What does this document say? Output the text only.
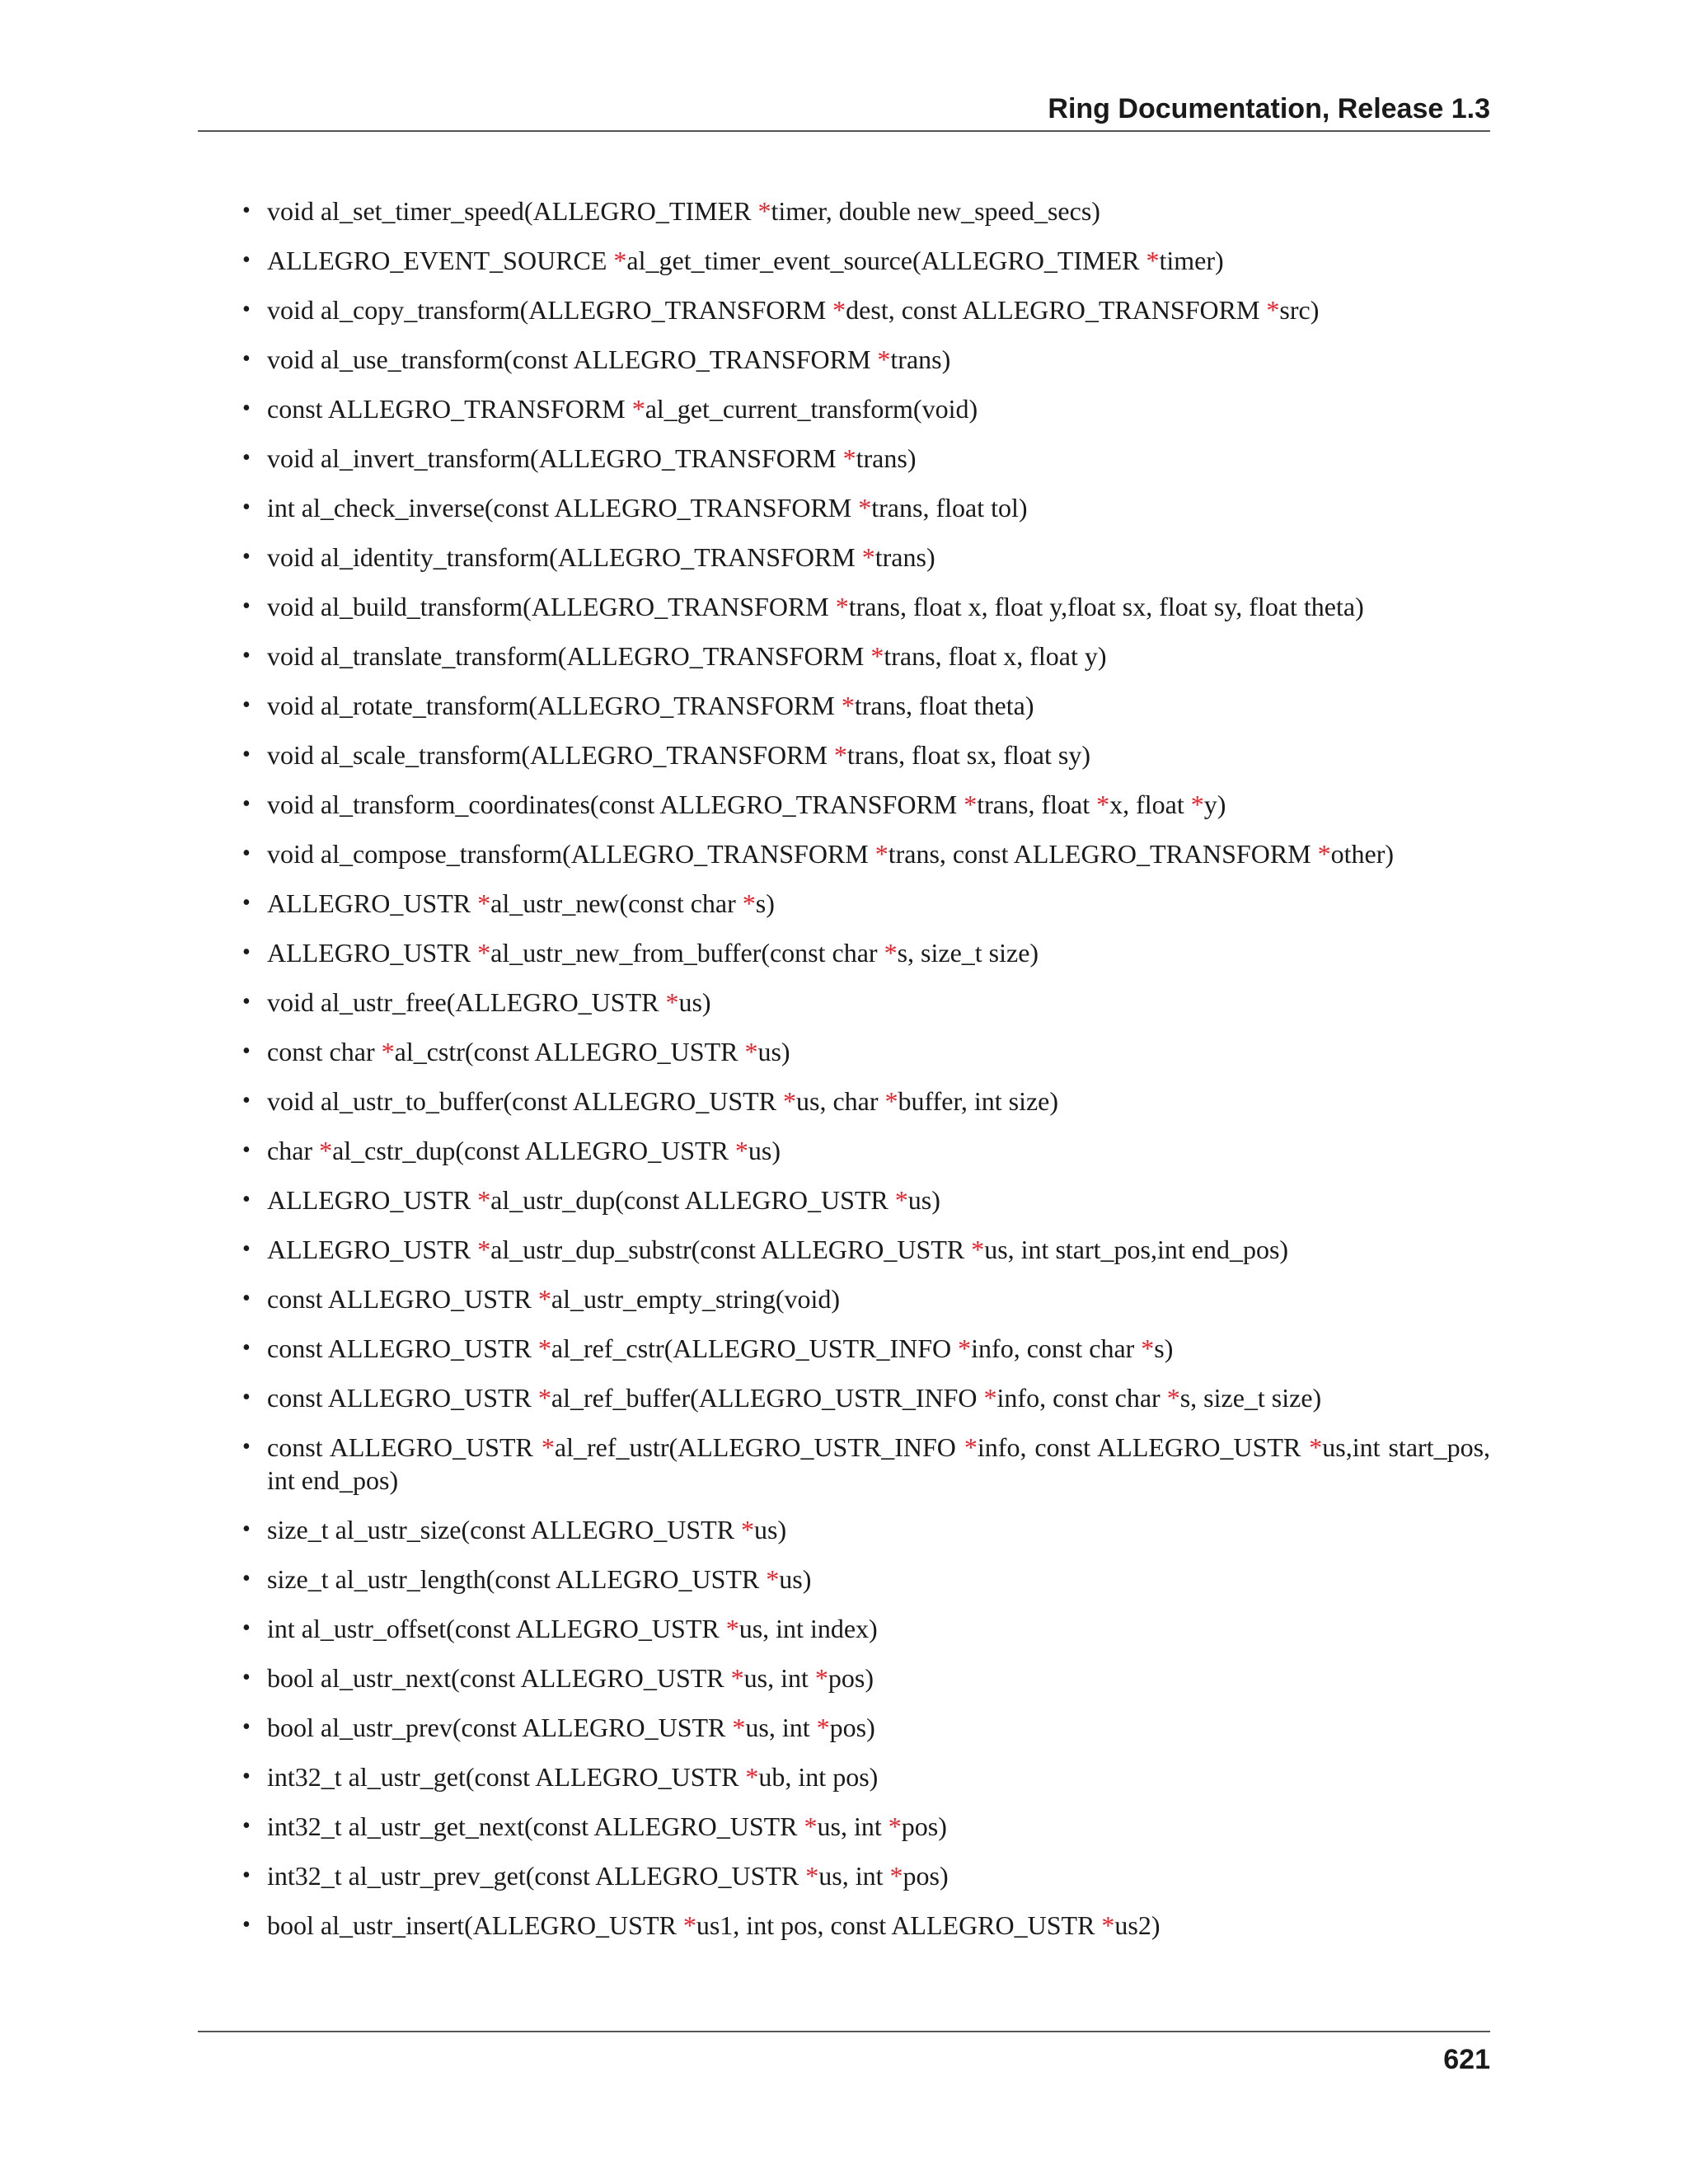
Ring Documentation, Release 1.3
• void al_set_timer_speed(ALLEGRO_TIMER *timer, double new_speed_secs)
• ALLEGRO_EVENT_SOURCE *al_get_timer_event_source(ALLEGRO_TIMER *timer)
• void al_copy_transform(ALLEGRO_TRANSFORM *dest, const ALLEGRO_TRANSFORM *src)
• void al_use_transform(const ALLEGRO_TRANSFORM *trans)
• const ALLEGRO_TRANSFORM *al_get_current_transform(void)
• void al_invert_transform(ALLEGRO_TRANSFORM *trans)
• int al_check_inverse(const ALLEGRO_TRANSFORM *trans, float tol)
• void al_identity_transform(ALLEGRO_TRANSFORM *trans)
• void al_build_transform(ALLEGRO_TRANSFORM *trans, float x, float y,float sx, float sy, float theta)
• void al_translate_transform(ALLEGRO_TRANSFORM *trans, float x, float y)
• void al_rotate_transform(ALLEGRO_TRANSFORM *trans, float theta)
• void al_scale_transform(ALLEGRO_TRANSFORM *trans, float sx, float sy)
• void al_transform_coordinates(const ALLEGRO_TRANSFORM *trans, float *x, float *y)
• void al_compose_transform(ALLEGRO_TRANSFORM *trans, const ALLEGRO_TRANSFORM *other)
• ALLEGRO_USTR *al_ustr_new(const char *s)
• ALLEGRO_USTR *al_ustr_new_from_buffer(const char *s, size_t size)
• void al_ustr_free(ALLEGRO_USTR *us)
• const char *al_cstr(const ALLEGRO_USTR *us)
• void al_ustr_to_buffer(const ALLEGRO_USTR *us, char *buffer, int size)
• char *al_cstr_dup(const ALLEGRO_USTR *us)
• ALLEGRO_USTR *al_ustr_dup(const ALLEGRO_USTR *us)
• ALLEGRO_USTR *al_ustr_dup_substr(const ALLEGRO_USTR *us, int start_pos,int end_pos)
• const ALLEGRO_USTR *al_ustr_empty_string(void)
• const ALLEGRO_USTR *al_ref_cstr(ALLEGRO_USTR_INFO *info, const char *s)
• const ALLEGRO_USTR *al_ref_buffer(ALLEGRO_USTR_INFO *info, const char *s, size_t size)
• const ALLEGRO_USTR *al_ref_ustr(ALLEGRO_USTR_INFO *info, const ALLEGRO_USTR *us,int start_pos, int end_pos)
• size_t al_ustr_size(const ALLEGRO_USTR *us)
• size_t al_ustr_length(const ALLEGRO_USTR *us)
• int al_ustr_offset(const ALLEGRO_USTR *us, int index)
• bool al_ustr_next(const ALLEGRO_USTR *us, int *pos)
• bool al_ustr_prev(const ALLEGRO_USTR *us, int *pos)
• int32_t al_ustr_get(const ALLEGRO_USTR *ub, int pos)
• int32_t al_ustr_get_next(const ALLEGRO_USTR *us, int *pos)
• int32_t al_ustr_prev_get(const ALLEGRO_USTR *us, int *pos)
• bool al_ustr_insert(ALLEGRO_USTR *us1, int pos, const ALLEGRO_USTR *us2)
621
